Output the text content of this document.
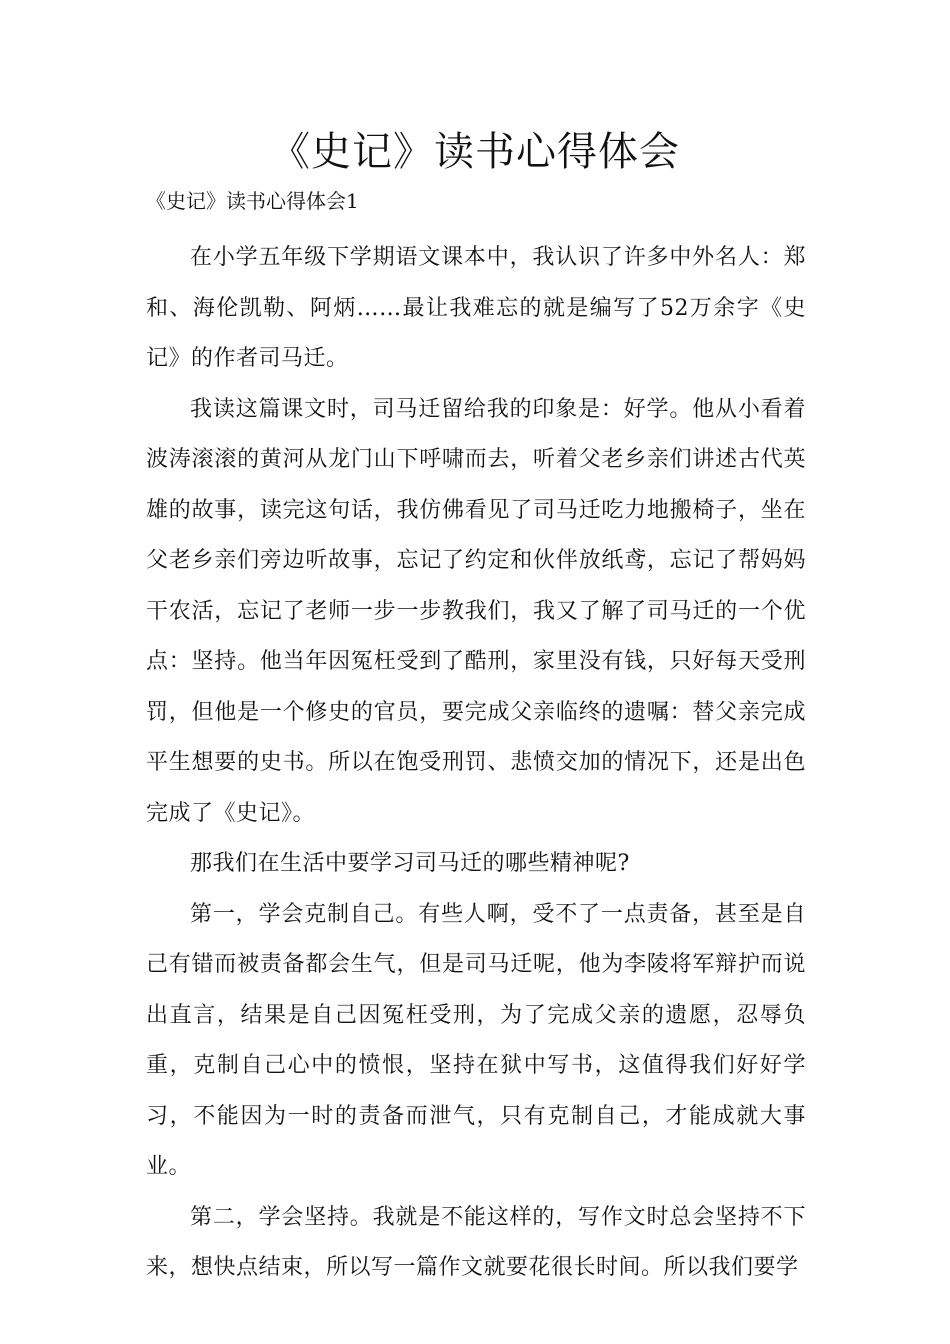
《史记》读书心得体会
《史记》读书心得体会1

在小学五年级下学期语文课本中，我认识了许多中外名人：郑和、海伦凯勒、阿炳……最让我难忘的就是编写了52万余字《史记》的作者司马迁。

我读这篇课文时，司马迁留给我的印象是：好学。他从小看着波涛滚滚的黄河从龙门山下呼啸而去，听着父老乡亲们讲述古代英雄的故事，读完这句话，我仿佛看见了司马迁吃力地搬椅子，坐在父老乡亲们旁边听故事，忘记了约定和伙伴放纸鸢，忘记了帮妈妈干农活，忘记了老师一步一步教我们，我又了解了司马迁的一个优点：坚持。他当年因冤枉受到了酷刑，家里没有钱，只好每天受刑罚，但他是一个修史的官员，要完成父亲临终的遗嘱：替父亲完成平生想要的史书。所以在饱受刑罚、悲愤交加的情况下，还是出色完成了《史记》。

那我们在生活中要学习司马迁的哪些精神呢?

第一，学会克制自己。有些人啊，受不了一点责备，甚至是自己有错而被责备都会生气，但是司马迁呢，他为李陵将军辩护而说出直言，结果是自己因冤枉受刑，为了完成父亲的遗愿，忍辱负重，克制自己心中的愤恨，坚持在狱中写书，这值得我们好好学习，不能因为一时的责备而泄气，只有克制自己，才能成就大事业。

第二，学会坚持。我就是不能这样的，写作文时总会坚持不下来，想快点结束，所以写一篇作文就要花很长时间。所以我们要学
